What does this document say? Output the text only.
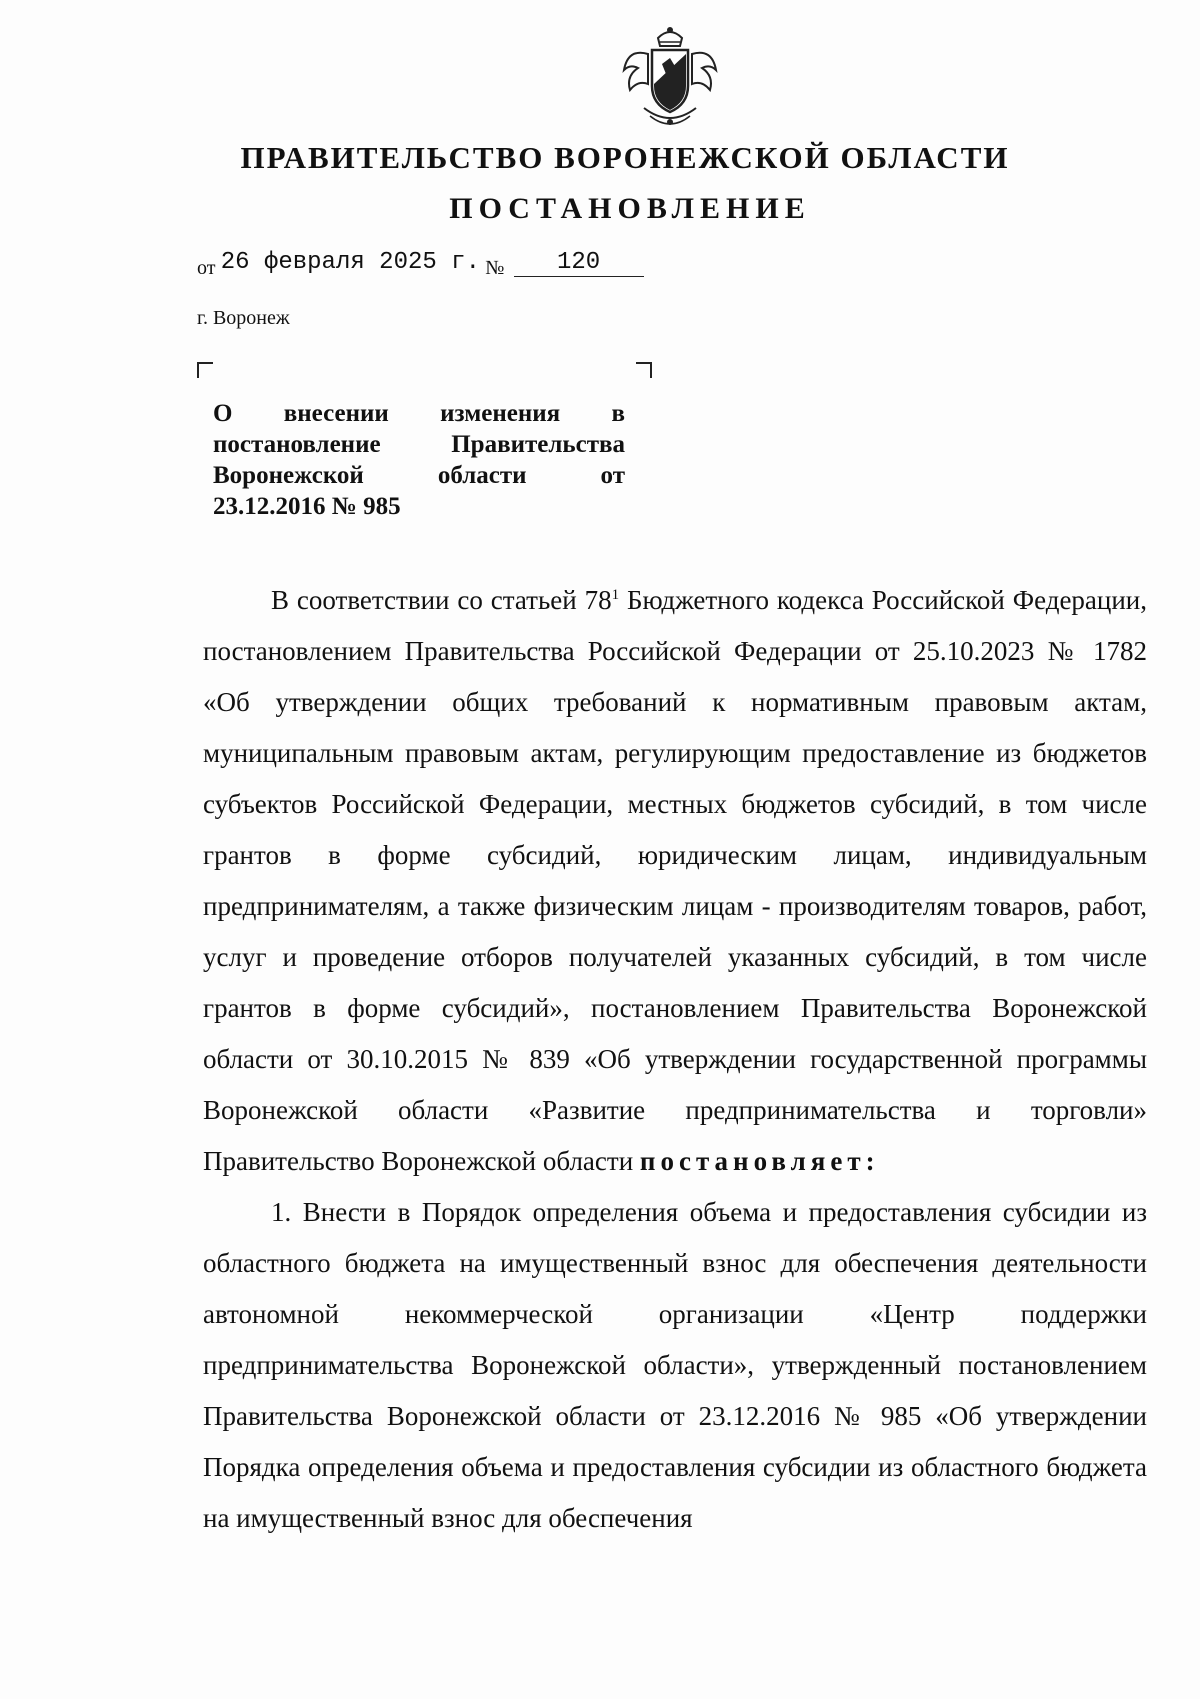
ПРАВИТЕЛЬСТВО ВОРОНЕЖСКОЙ ОБЛАСТИ
ПОСТАНОВЛЕНИЕ
от 26 февраля 2025 г. № 120
г. Воронеж
О внесении изменения в
постановление Правительства
Воронежской области от
23.12.2016 № 985

В соответствии со статьей $78^1$ Бюджетного кодекса Российской Федерации, постановлением Правительства Российской Федерации от 25.10.2023 № 1782 «Об утверждении общих требований к нормативным правовым актам, муниципальным правовым актам, регулирующим предоставление из бюджетов субъектов Российской Федерации, местных бюджетов субсидий, в том числе грантов в форме субсидий, юридическим лицам, индивидуальным предпринимателям, а также физическим лицам - производителям товаров, работ, услуг и проведение отборов получателей указанных субсидий, в том числе грантов в форме субсидий», постановлением Правительства Воронежской области от 30.10.2015 № 839 «Об утверждении государственной программы Воронежской области «Развитие предпринимательства и торговли» Правительство Воронежской области постановляет:

1. Внести в Порядок определения объема и предоставления субсидии из областного бюджета на имущественный взнос для обеспечения деятельности автономной некоммерческой организации «Центр поддержки предпринимательства Воронежской области», утвержденный постановлением Правительства Воронежской области от 23.12.2016 № 985 «Об утверждении Порядка определения объема и предоставления субсидии из областного бюджета на имущественный взнос для обеспечения
